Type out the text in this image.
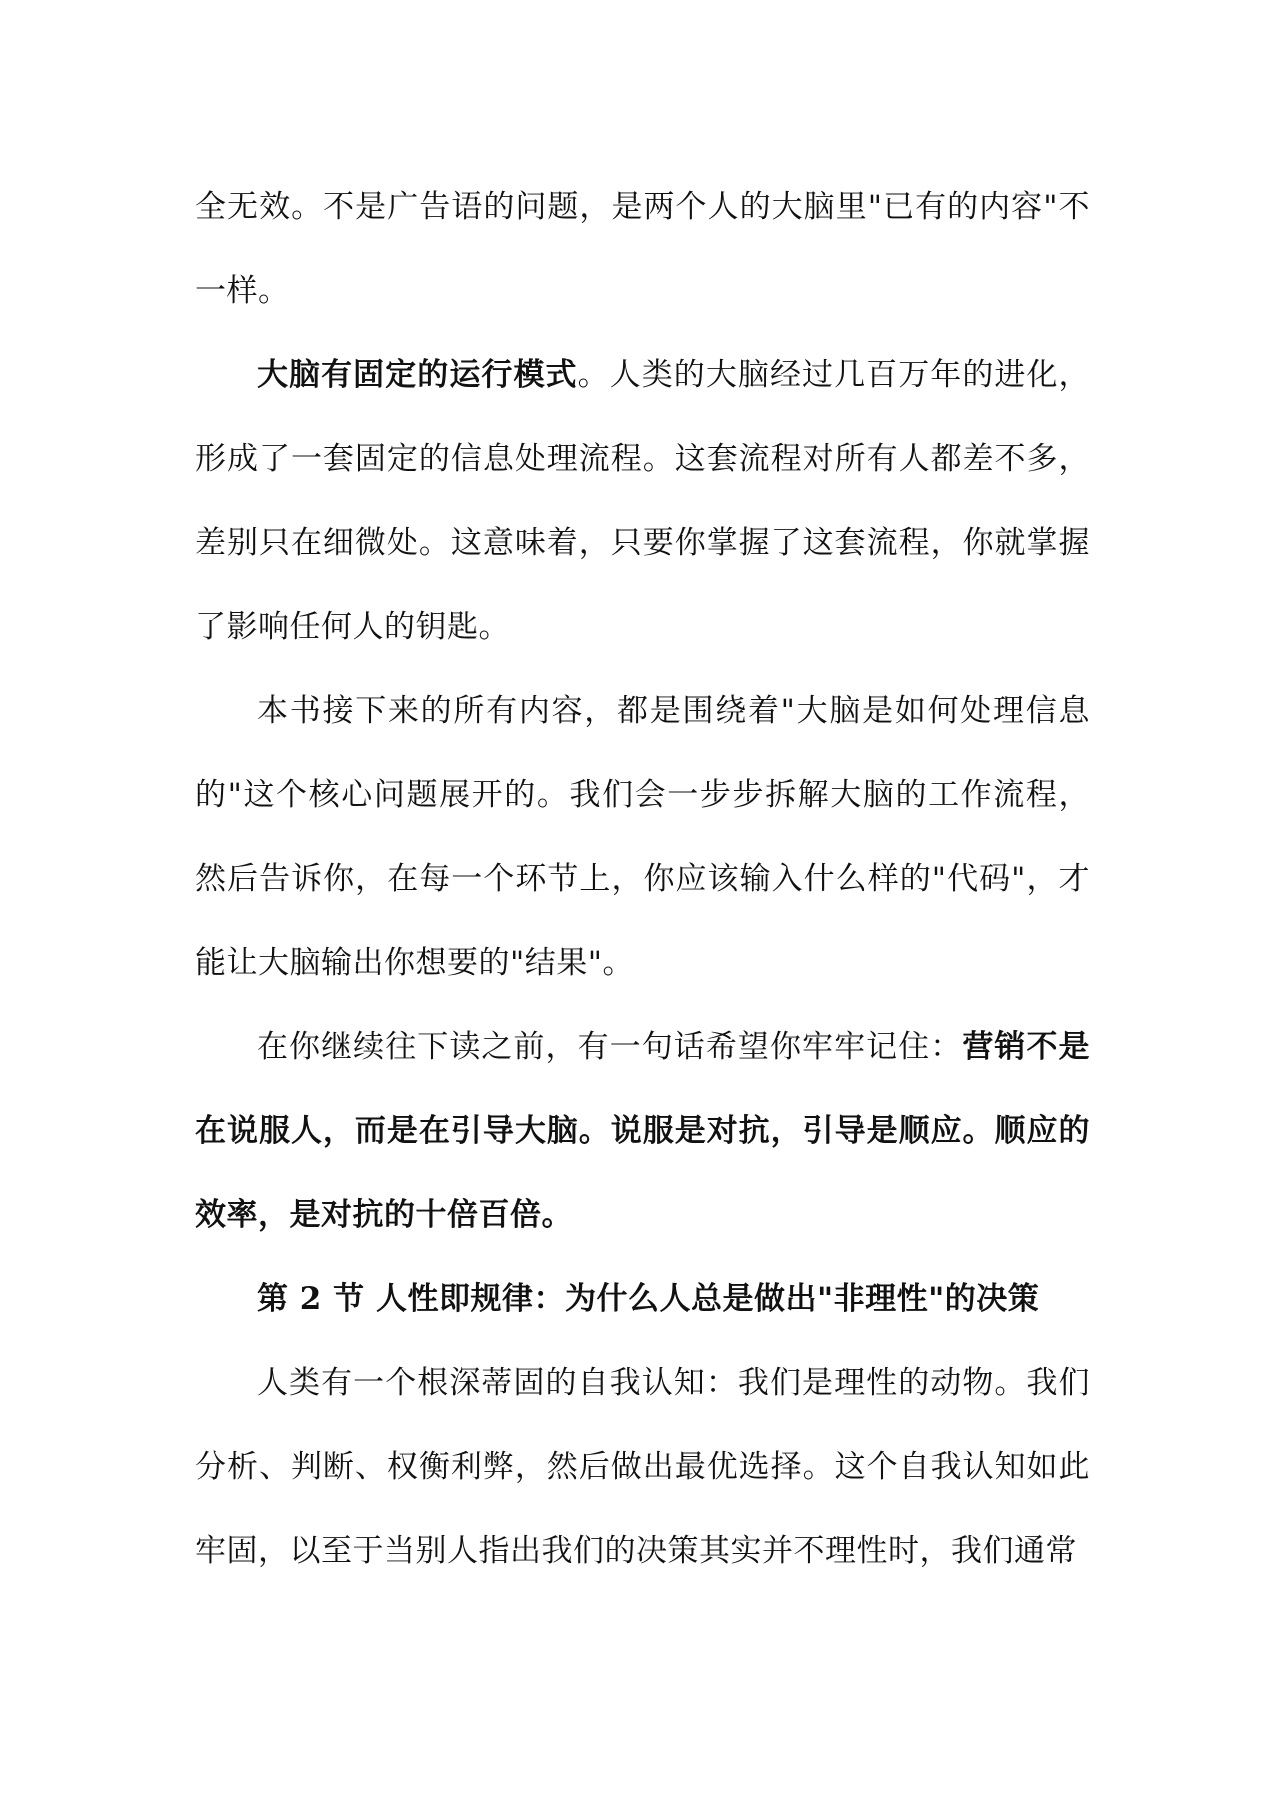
全无效。不是广告语的问题，是两个人的大脑里"已有的内容"不一样。

大脑有固定的运行模式。人类的大脑经过几百万年的进化，形成了一套固定的信息处理流程。这套流程对所有人都差不多，差别只在细微处。这意味着，只要你掌握了这套流程，你就掌握了影响任何人的钥匙。

本书接下来的所有内容，都是围绕着"大脑是如何处理信息的"这个核心问题展开的。我们会一步步拆解大脑的工作流程，然后告诉你，在每一个环节上，你应该输入什么样的"代码"，才能让大脑输出你想要的"结果"。

在你继续往下读之前，有一句话希望你牢牢记住：营销不是在说服人，而是在引导大脑。说服是对抗，引导是顺应。顺应的效率，是对抗的十倍百倍。

第 2 节 人性即规律：为什么人总是做出"非理性"的决策

人类有一个根深蒂固的自我认知：我们是理性的动物。我们分析、判断、权衡利弊，然后做出最优选择。这个自我认知如此牢固，以至于当别人指出我们的决策其实并不理性时，我们通常
